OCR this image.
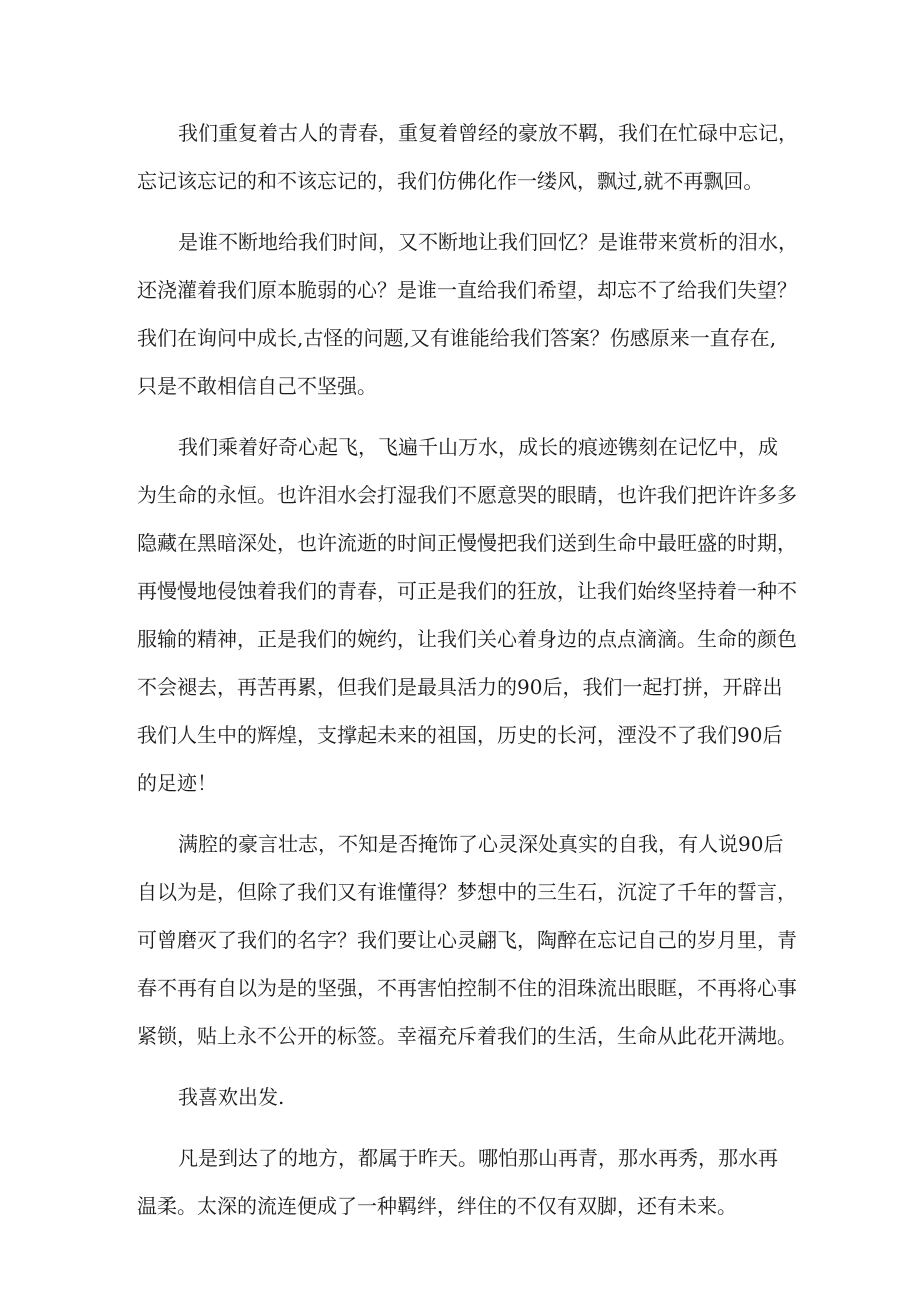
我们重复着古人的青春，重复着曾经的豪放不羁，我们在忙碌中忘记，
忘记该忘记的和不该忘记的，我们仿佛化作一缕风，飘过,就不再飘回。
是谁不断地给我们时间，又不断地让我们回忆？是谁带来赏析的泪水，
还浇灌着我们原本脆弱的心？是谁一直给我们希望，却忘不了给我们失望？
我们在询问中成长,古怪的问题,又有谁能给我们答案？伤感原来一直存在,
只是不敢相信自己不坚强。
我们乘着好奇心起飞，飞遍千山万水，成长的痕迹镌刻在记忆中，成
为生命的永恒。也许泪水会打湿我们不愿意哭的眼睛，也许我们把许许多多
隐藏在黑暗深处，也许流逝的时间正慢慢把我们送到生命中最旺盛的时期，
再慢慢地侵蚀着我们的青春，可正是我们的狂放，让我们始终坚持着一种不
服输的精神，正是我们的婉约，让我们关心着身边的点点滴滴。生命的颜色
不会褪去，再苦再累，但我们是最具活力的90后，我们一起打拼，开辟出
我们人生中的辉煌，支撑起未来的祖国，历史的长河，湮没不了我们90后
的足迹！
满腔的豪言壮志，不知是否掩饰了心灵深处真实的自我，有人说90后
自以为是，但除了我们又有谁懂得？梦想中的三生石，沉淀了千年的誓言，
可曾磨灭了我们的名字？我们要让心灵翩飞，陶醉在忘记自己的岁月里，青
春不再有自以为是的坚强，不再害怕控制不住的泪珠流出眼眶，不再将心事
紧锁，贴上永不公开的标签。幸福充斥着我们的生活，生命从此花开满地。
我喜欢出发.
凡是到达了的地方，都属于昨天。哪怕那山再青，那水再秀，那水再
温柔。太深的流连便成了一种羁绊，绊住的不仅有双脚，还有未来。
